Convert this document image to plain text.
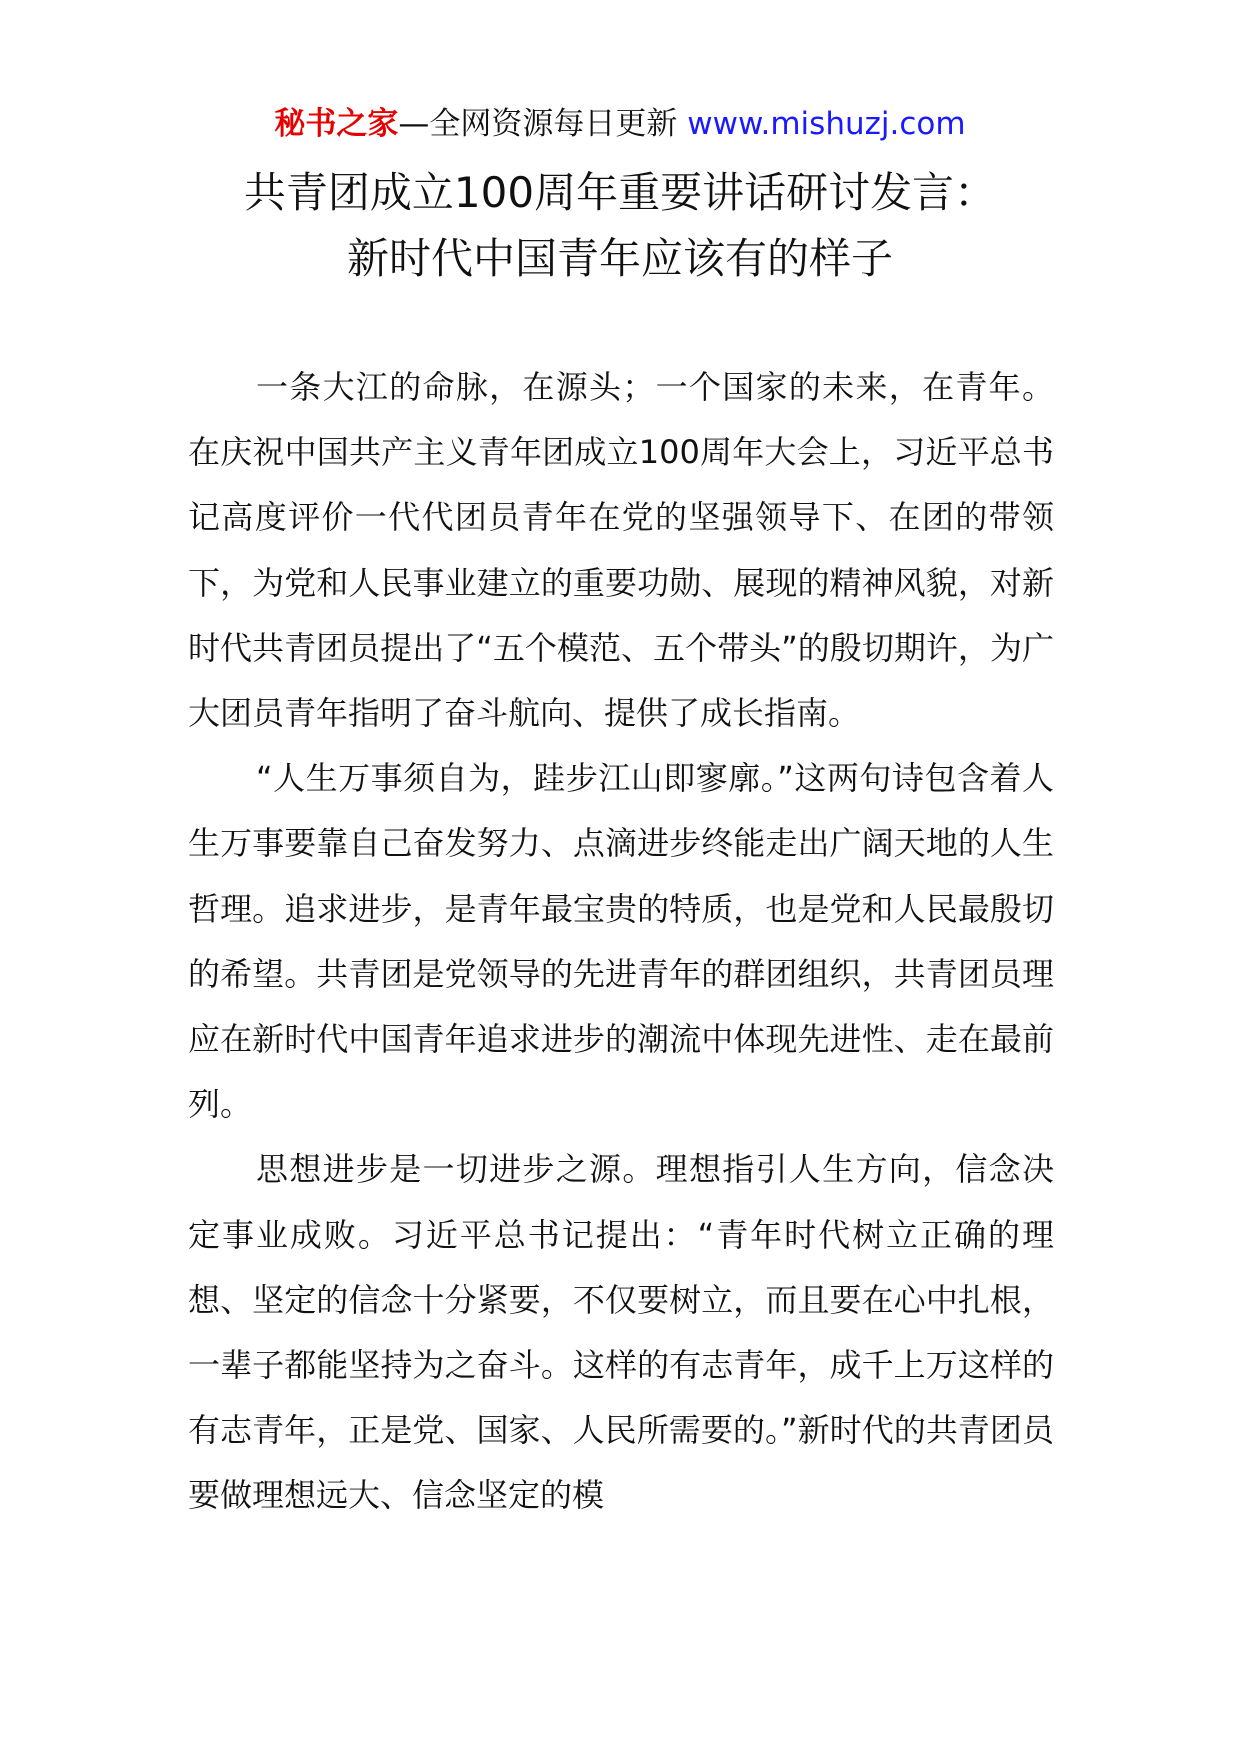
秘书之家—全网资源每日更新 www.mishuzj.com
共青团成立100周年重要讲话研讨发言：
新时代中国青年应该有的样子

一条大江的命脉，在源头；一个国家的未来，在青年。在庆祝中国共产主义青年团成立100周年大会上，习近平总书记高度评价一代代团员青年在党的坚强领导下、在团的带领下，为党和人民事业建立的重要功勋、展现的精神风貌，对新时代共青团员提出了“五个模范、五个带头”的殷切期许，为广大团员青年指明了奋斗航向、提供了成长指南。

“人生万事须自为，跬步江山即寥廓。”这两句诗包含着人生万事要靠自己奋发努力、点滴进步终能走出广阔天地的人生哲理。追求进步，是青年最宝贵的特质，也是党和人民最殷切的希望。共青团是党领导的先进青年的群团组织，共青团员理应在新时代中国青年追求进步的潮流中体现先进性、走在最前列。

思想进步是一切进步之源。理想指引人生方向，信念决定事业成败。习近平总书记提出：“青年时代树立正确的理想、坚定的信念十分紧要，不仅要树立，而且要在心中扎根，一辈子都能坚持为之奋斗。这样的有志青年，成千上万这样的有志青年，正是党、国家、人民所需要的。”新时代的共青团员要做理想远大、信念坚定的模
